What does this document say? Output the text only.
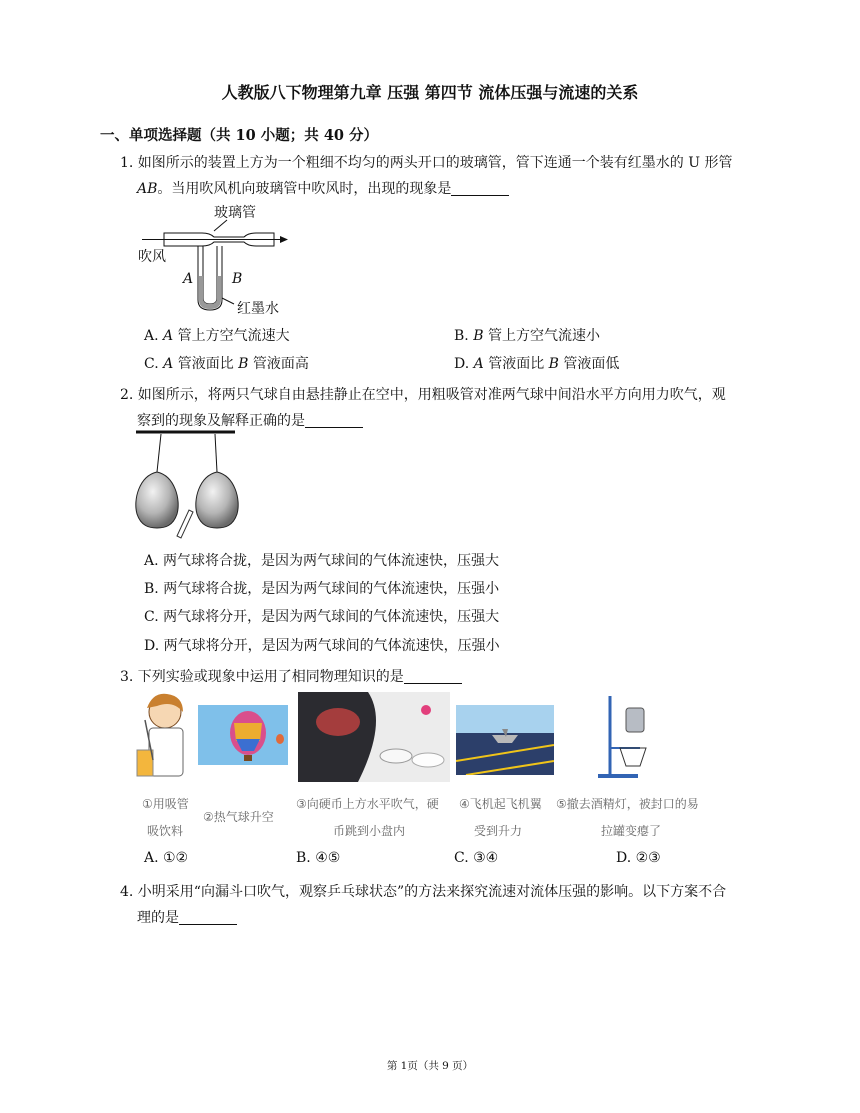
人教版八下物理第九章 压强 第四节 流体压强与流速的关系
一、单项选择题（共 10 小题；共 40 分）
1. 如图所示的装置上方为一个粗细不均匀的两头开口的玻璃管，管下连通一个装有红墨水的 U 形管
AB。当用吹风机向玻璃管中吹风时，出现的现象是
玻璃管
吹风
A	B
红墨水
A. A 管上方空气流速大	B. B 管上方空气流速小
C. A 管液面比 B 管液面高	D. A 管液面比 B 管液面低
2. 如图所示，将两只气球自由悬挂静止在空中，用粗吸管对准两气球中间沿水平方向用力吹气，观
察到的现象及解释正确的是
A. 两气球将合拢，是因为两气球间的气体流速快，压强大
B. 两气球将合拢，是因为两气球间的气体流速快，压强小
C. 两气球将分开，是因为两气球间的气体流速快，压强大
D. 两气球将分开，是因为两气球间的气体流速快，压强小
3. 下列实验或现象中运用了相同物理知识的是
①用吸管
吸饮料
②热气球升空
③向硬币上方水平吹气，硬
币跳到小盘内
④飞机起飞机翼
受到升力
⑤撤去酒精灯，被封口的易
拉罐变瘪了
A. ①②	B. ④⑤	C. ③④	D. ②③
4. 小明采用“向漏斗口吹气，观察乒乓球状态”的方法来探究流速对流体压强的影响。以下方案不合
理的是
第 1页（共 9 页）
